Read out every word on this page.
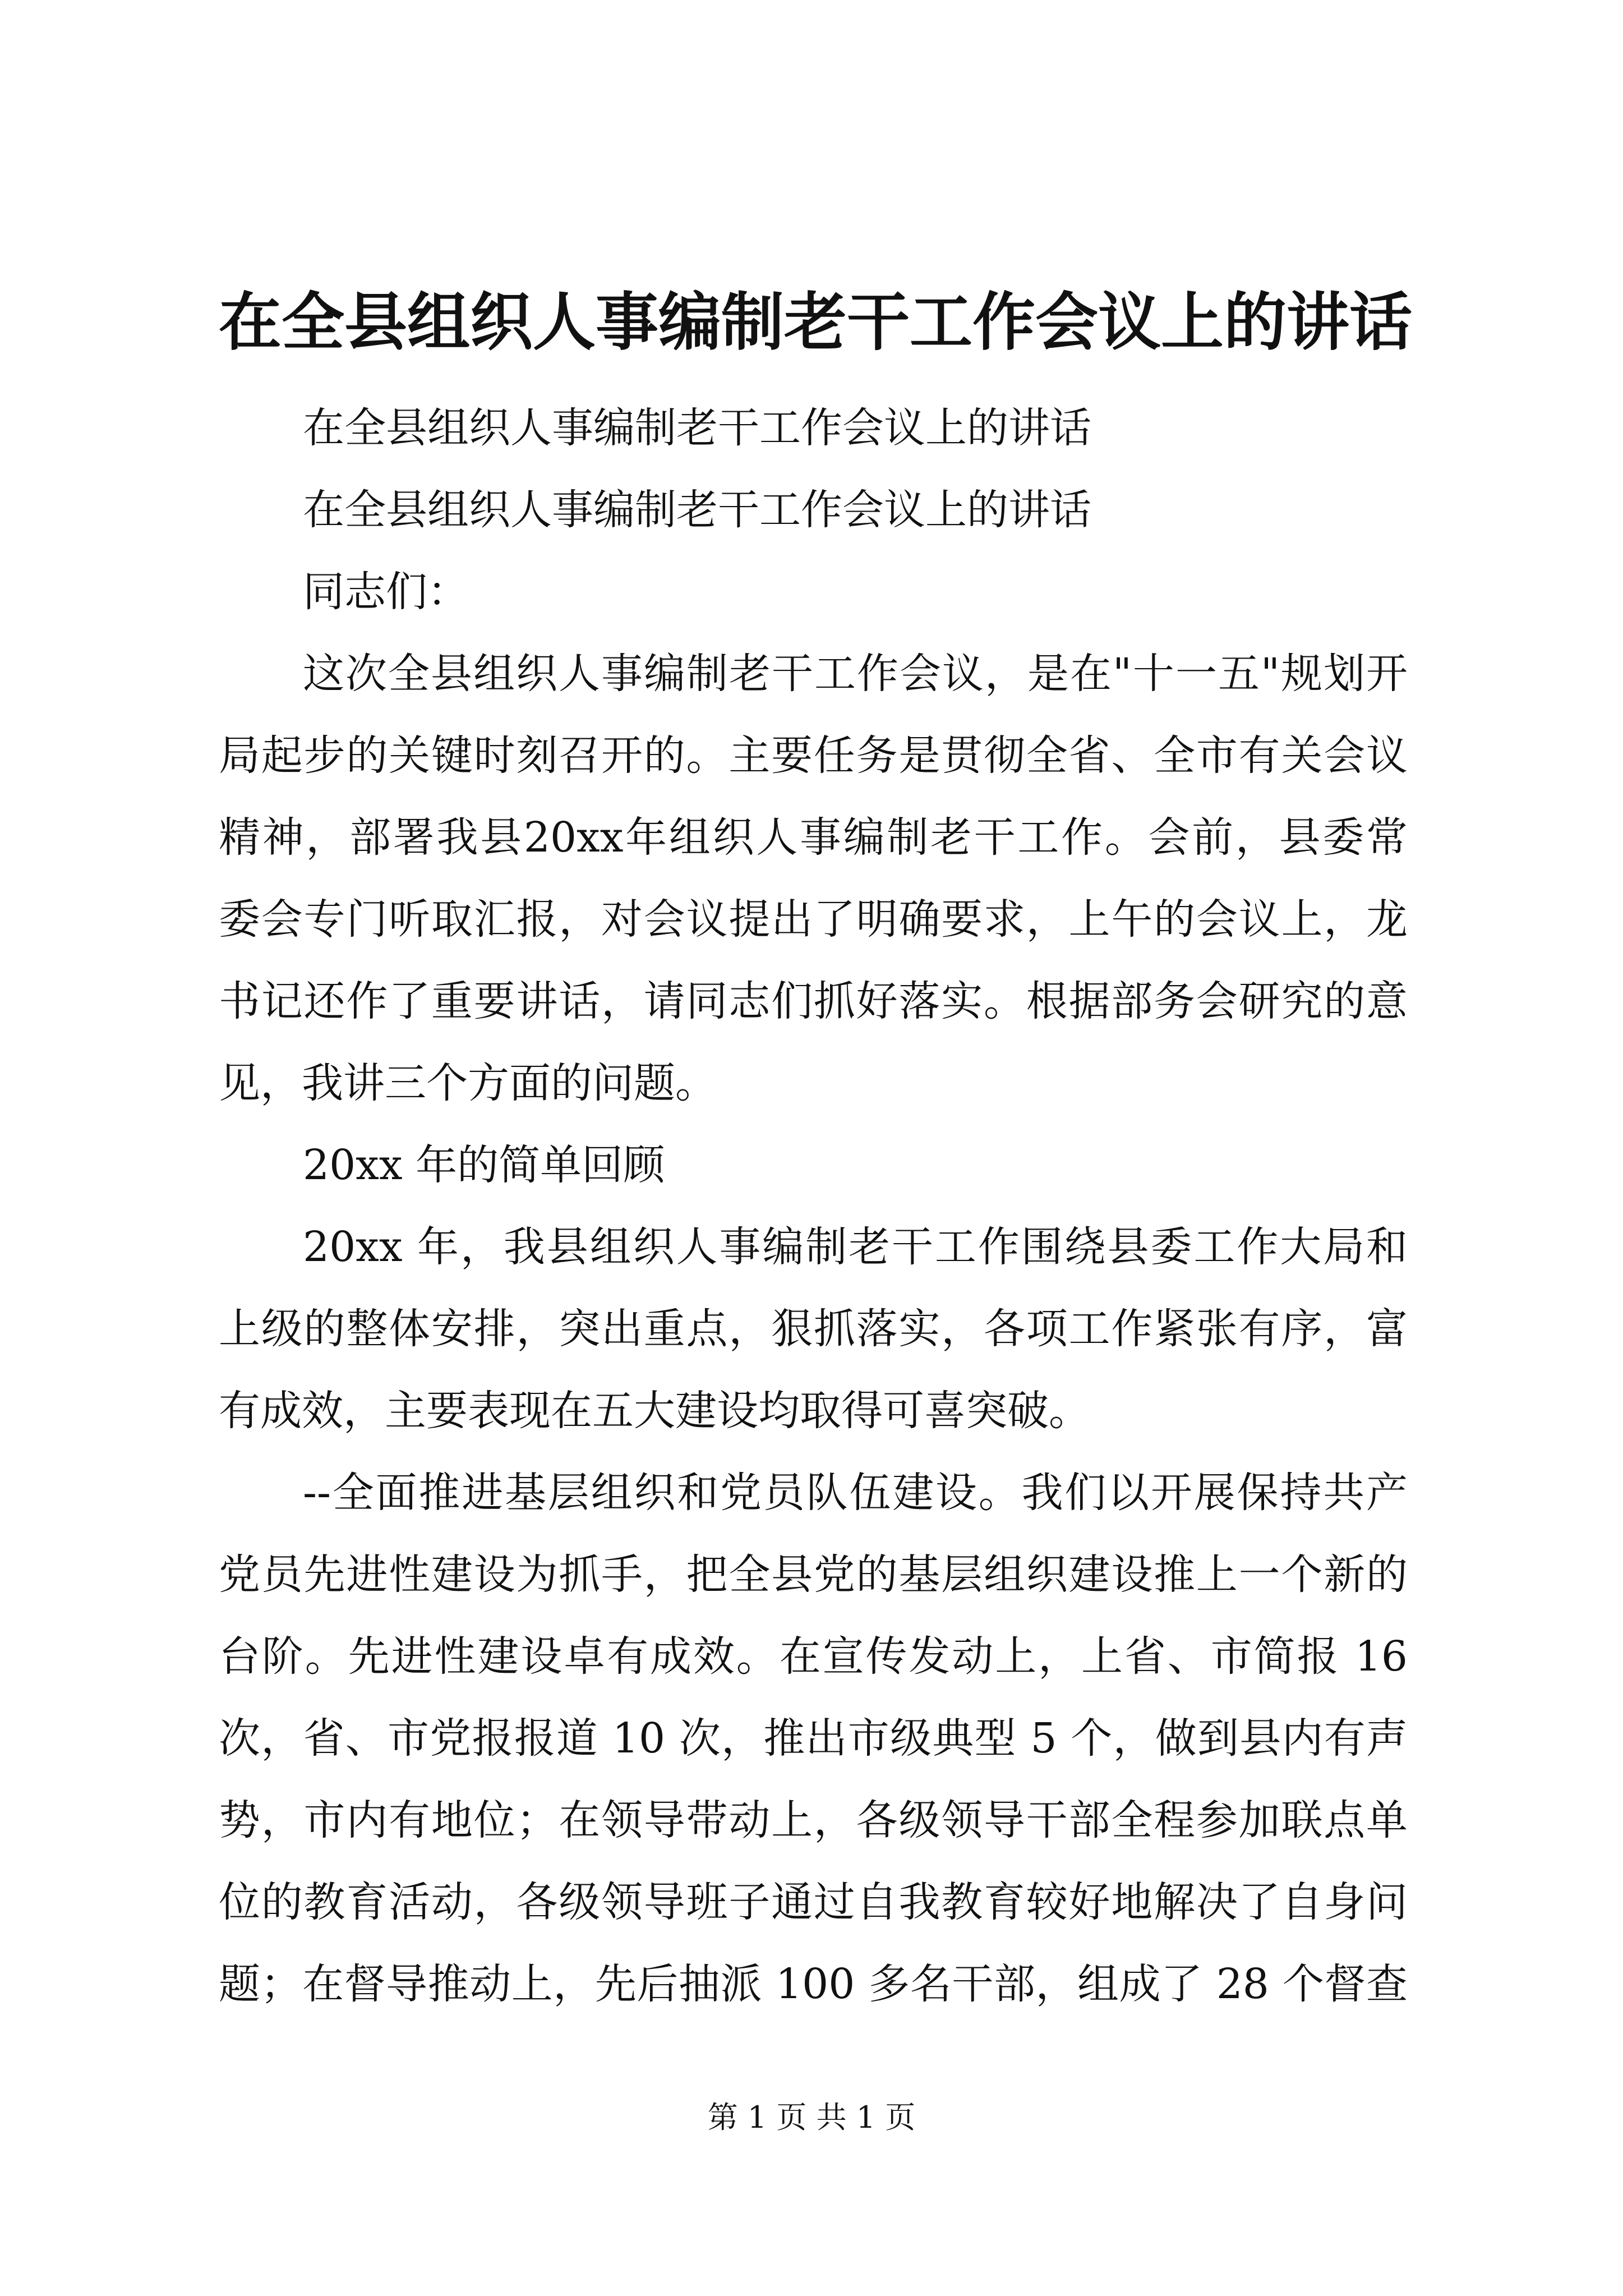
在全县组织人事编制老干工作会议上的讲话
在全县组织人事编制老干工作会议上的讲话
在全县组织人事编制老干工作会议上的讲话
同志们：
这次全县组织人事编制老干工作会议，是在"十一五"规划开
局起步的关键时刻召开的。主要任务是贯彻全省、全市有关会议
精神，部署我县20xx年组织人事编制老干工作。会前，县委常
委会专门听取汇报，对会议提出了明确要求，上午的会议上，龙
书记还作了重要讲话，请同志们抓好落实。根据部务会研究的意
见，我讲三个方面的问题。
20xx 年的简单回顾
20xx 年，我县组织人事编制老干工作围绕县委工作大局和
上级的整体安排，突出重点，狠抓落实，各项工作紧张有序，富
有成效，主要表现在五大建设均取得可喜突破。
--全面推进基层组织和党员队伍建设。我们以开展保持共产
党员先进性建设为抓手，把全县党的基层组织建设推上一个新的
台阶。先进性建设卓有成效。在宣传发动上，上省、市简报 16
次，省、市党报报道 10 次，推出市级典型 5 个，做到县内有声
势，市内有地位；在领导带动上，各级领导干部全程参加联点单
位的教育活动，各级领导班子通过自我教育较好地解决了自身问
题；在督导推动上，先后抽派 100 多名干部，组成了 28 个督查
第 1 页 共 1 页
